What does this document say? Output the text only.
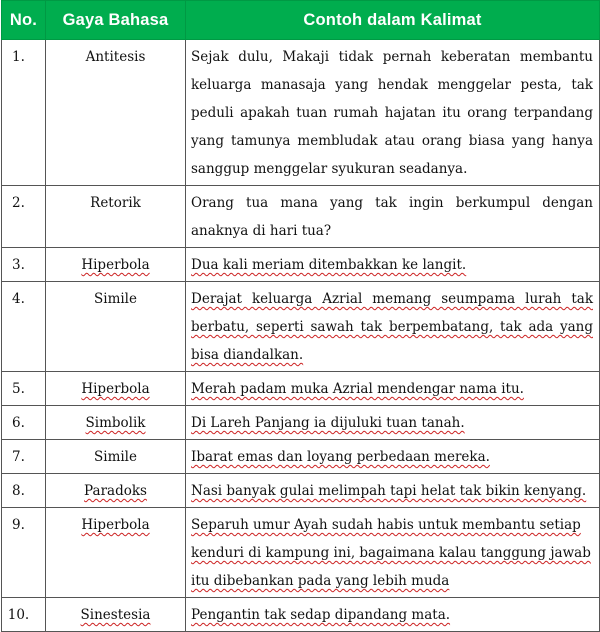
No.	Gaya Bahasa	Contoh dalam Kalimat
1.	Antitesis	Sejak dulu, Makaji tidak pernah keberatan membantu keluarga manasaja yang hendak menggelar pesta, tak peduli apakah tuan rumah hajatan itu orang terpandang yang tamunya membludak atau orang biasa yang hanya sanggup menggelar syukuran seadanya.
2.	Retorik	Orang tua mana yang tak ingin berkumpul dengan anaknya di hari tua?
3.	Hiperbola	Dua kali meriam ditembakkan ke langit.
4.	Simile	Derajat keluarga Azrial memang seumpama lurah tak berbatu, seperti sawah tak berpembatang, tak ada yang bisa diandalkan.
5.	Hiperbola	Merah padam muka Azrial mendengar nama itu.
6.	Simbolik	Di Lareh Panjang ia dijuluki tuan tanah.
7.	Simile	Ibarat emas dan loyang perbedaan mereka.
8.	Paradoks	Nasi banyak gulai melimpah tapi helat tak bikin kenyang.
9.	Hiperbola	Separuh umur Ayah sudah habis untuk membantu setiap kenduri di kampung ini, bagaimana kalau tanggung jawab itu dibebankan pada yang lebih muda
10.	Sinestesia	Pengantin tak sedap dipandang mata.
